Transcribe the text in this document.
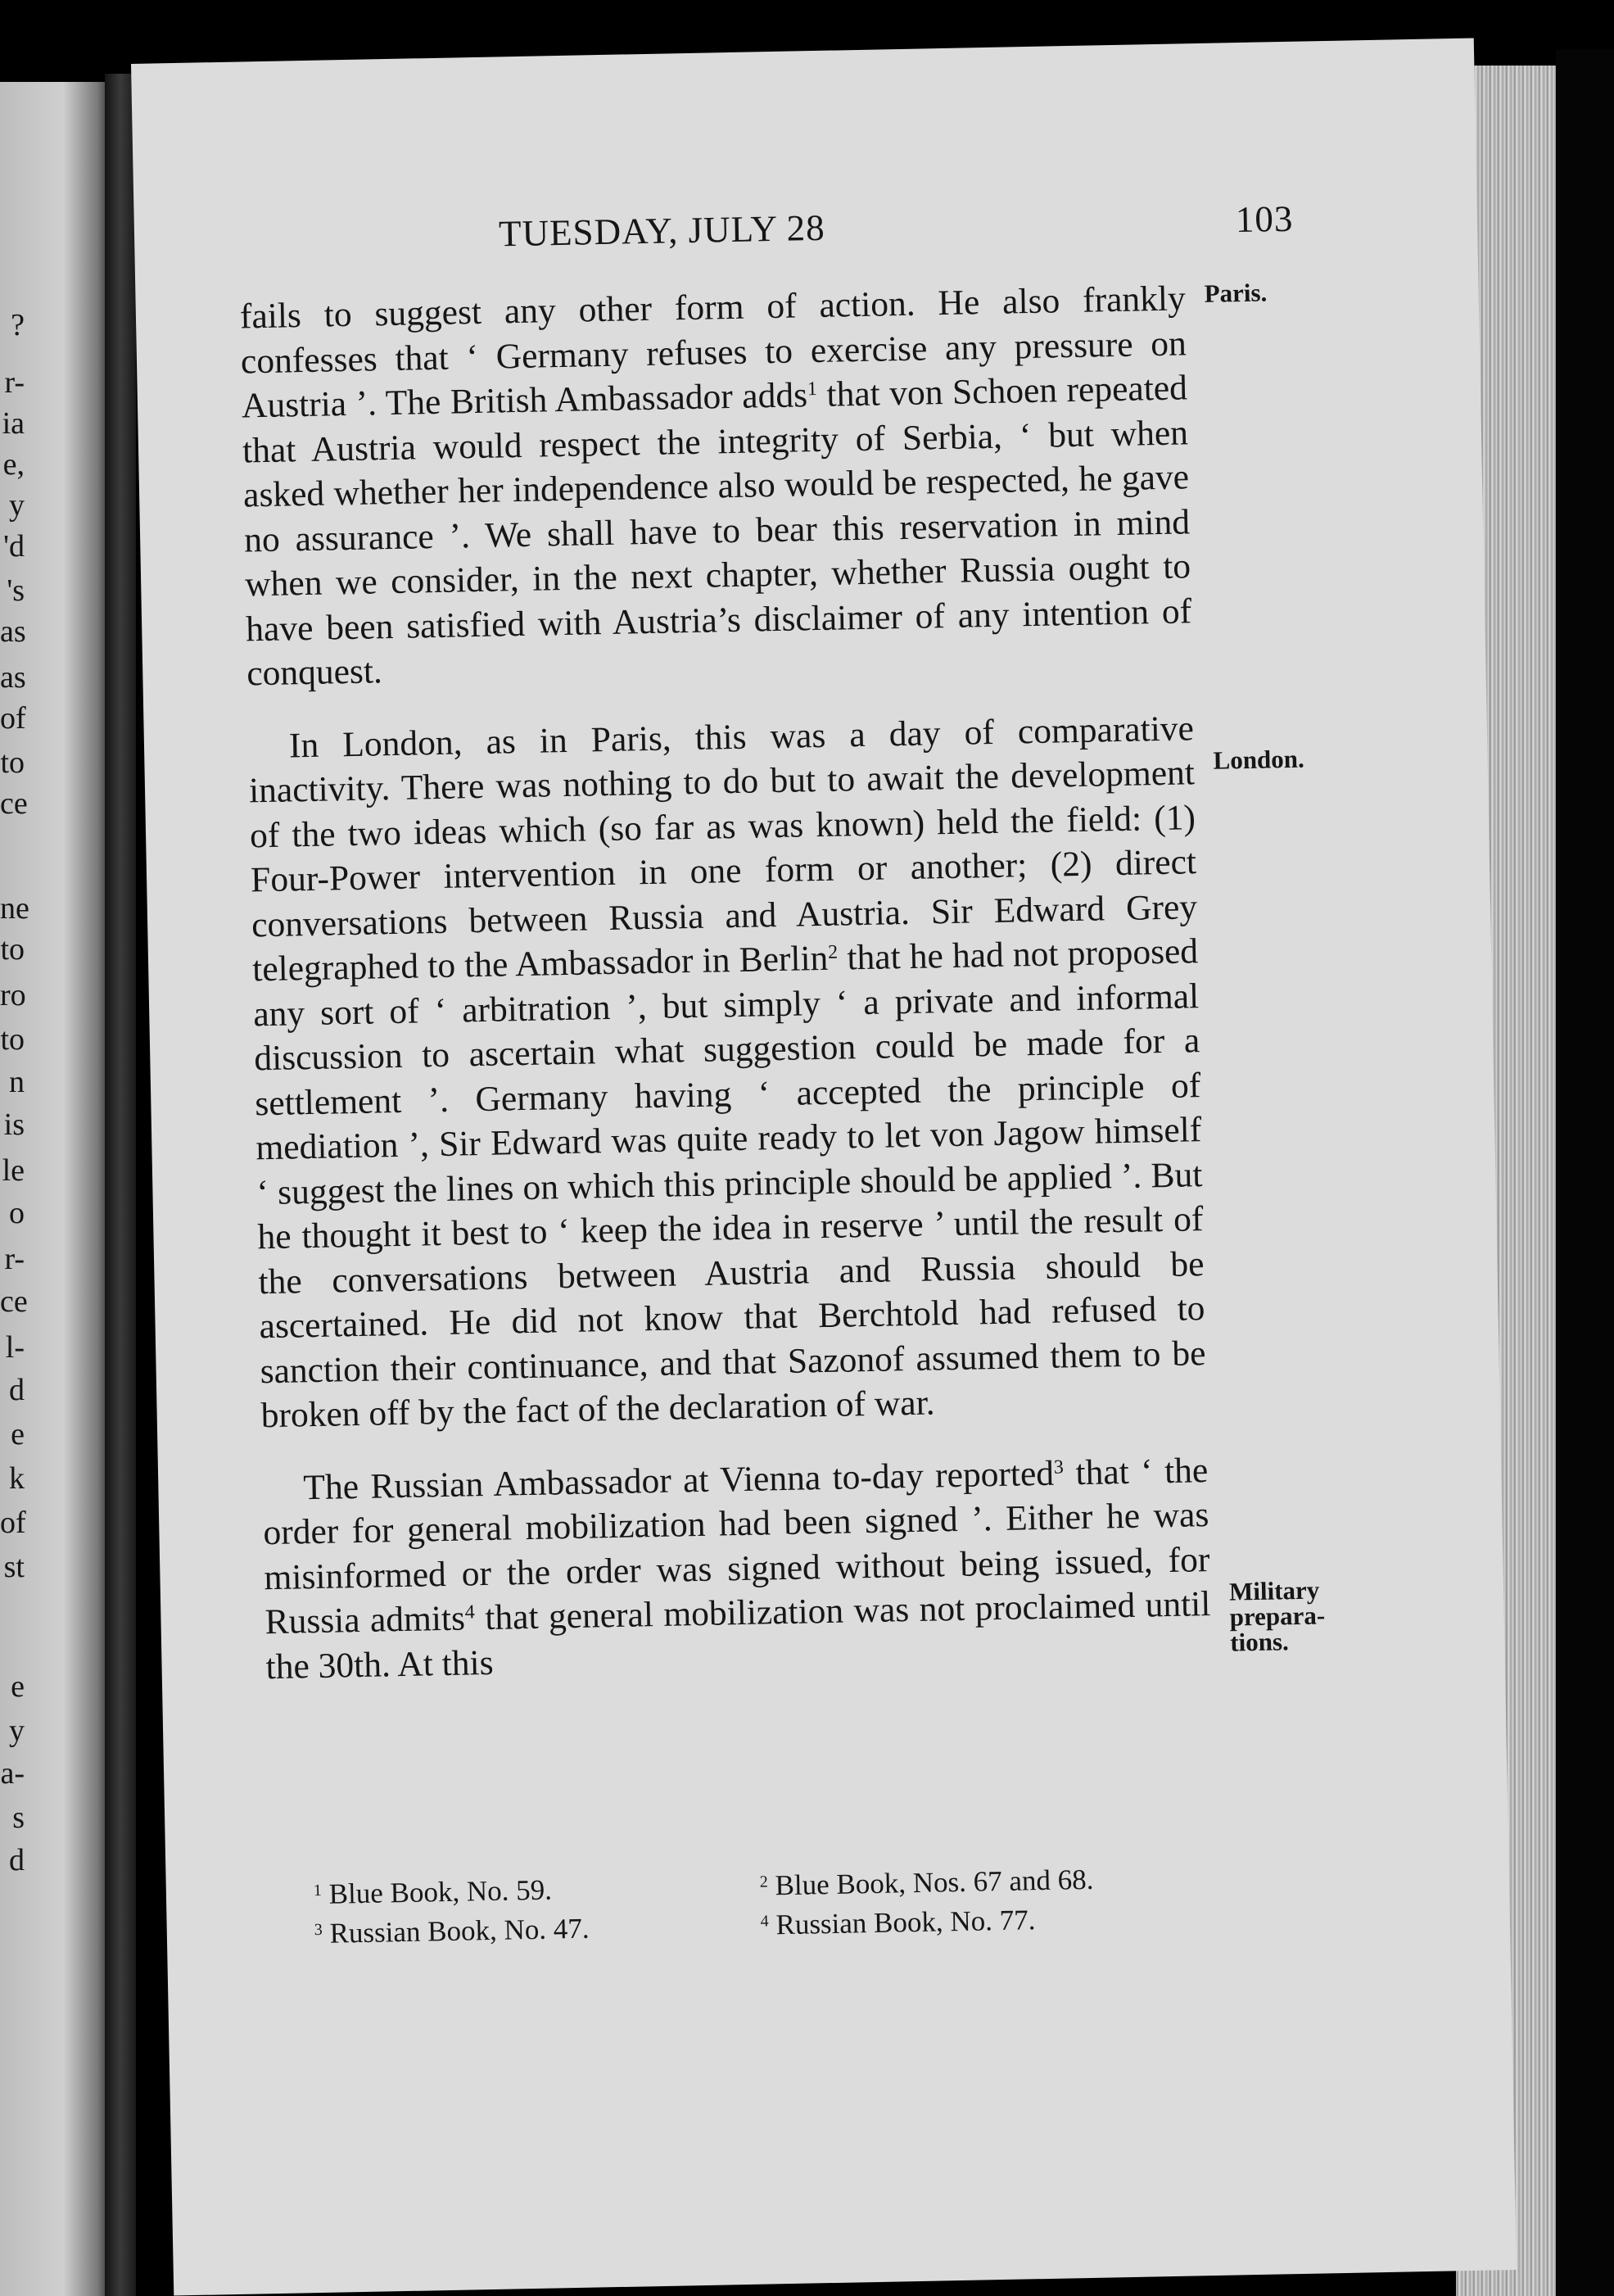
?
r-
ia
e,
y
'd
's
as
as
of
to
ce
ne
to
ro
to
n
is
le
o
r-
ce
l-
d
e
k
of
st
e
y
a-
s
d
TUESDAY, JULY 28	103

fails to suggest any other form of action. He also frankly confesses that ‘ Germany refuses to exercise any pressure on Austria ’. The British Ambassador adds$^1$ that von Schoen repeated that Austria would respect the integrity of Serbia, ‘ but when asked whether her independence also would be respected, he gave no assurance ’. We shall have to bear this reservation in mind when we consider, in the next chapter, whether Russia ought to have been satisfied with Austria’s disclaimer of any intention of conquest.

In London, as in Paris, this was a day of comparative inactivity. There was nothing to do but to await the development of the two ideas which (so far as was known) held the field: (1) Four-Power intervention in one form or another; (2) direct conversations between Russia and Austria. Sir Edward Grey telegraphed to the Ambassador in Berlin$^2$ that he had not proposed any sort of ‘ arbitration ’, but simply ‘ a private and informal discussion to ascertain what suggestion could be made for a settlement ’. Germany having ‘ accepted the principle of mediation ’, Sir Edward was quite ready to let von Jagow himself ‘ suggest the lines on which this principle should be applied ’. But he thought it best to ‘ keep the idea in reserve ’ until the result of the conversations between Austria and Russia should be ascertained. He did not know that Berchtold had refused to sanction their continuance, and that Sazonof assumed them to be broken off by the fact of the declaration of war.

The Russian Ambassador at Vienna to-day reported$^3$ that ‘ the order for general mobilization had been signed ’. Either he was misinformed or the order was signed without being issued, for Russia admits$^4$ that general mobilization was not proclaimed until the 30th. At this

Paris.
London.
Military
prepara-
tions.
$^1$ Blue Book, No. 59.	$^2$ Blue Book, Nos. 67 and 68.
$^3$ Russian Book, No. 47.	$^4$ Russian Book, No. 77.
